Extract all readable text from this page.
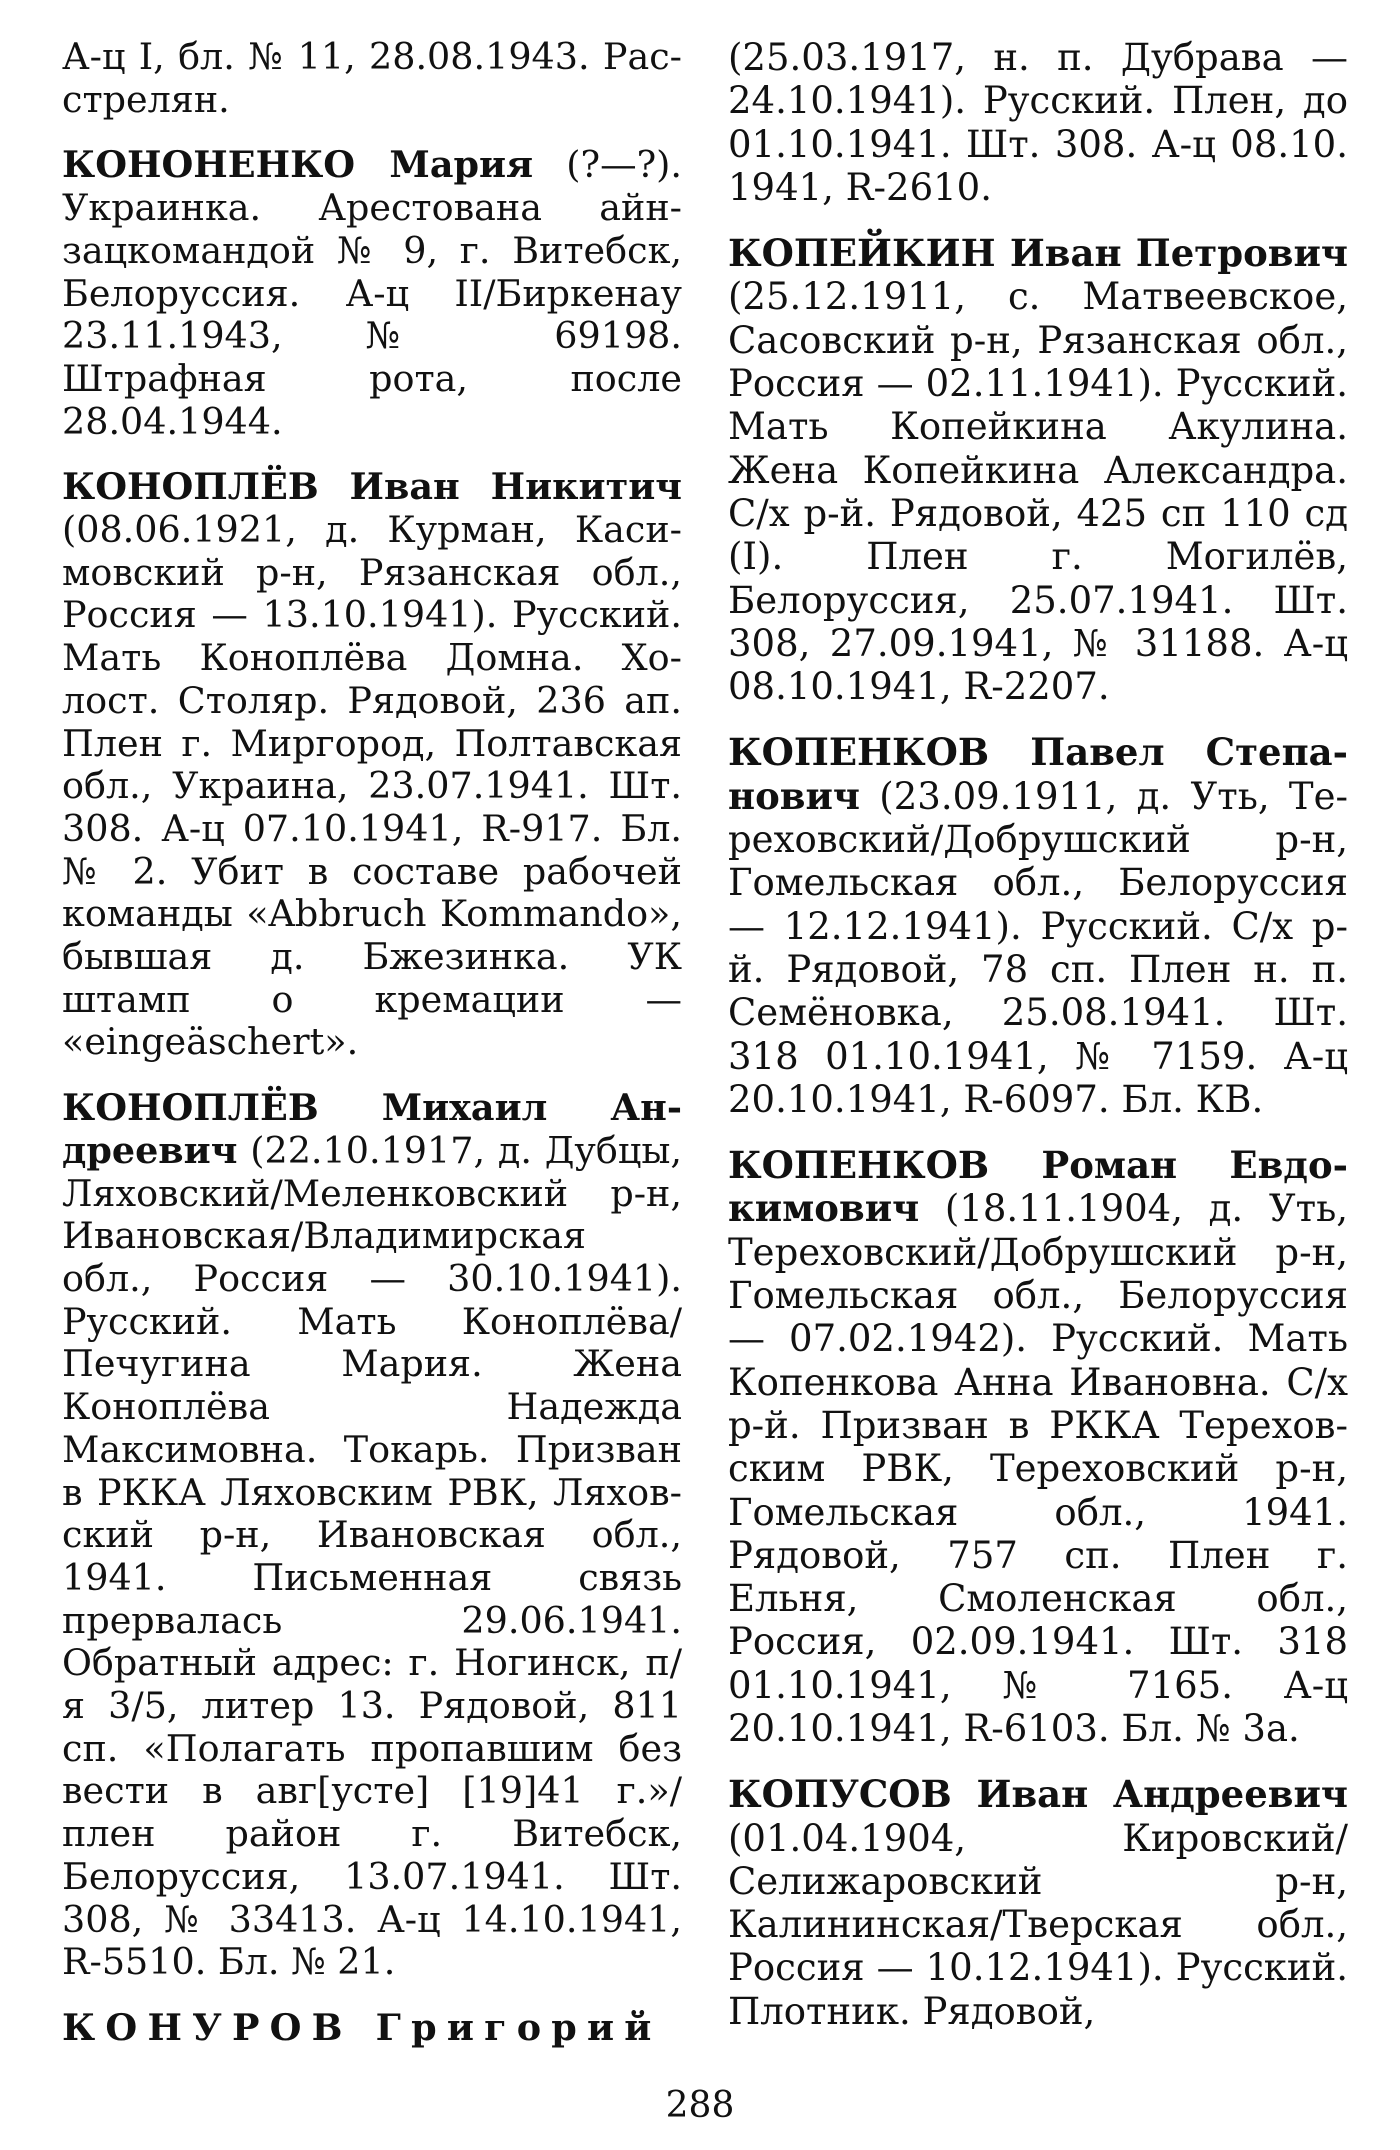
А-ц I, бл. № 11, 28.08.1943. Расстрелян.

КОНОНЕНКО Мария (?—?). Украинка. Арестована айнзацкомандой № 9, г. Витебск, Белоруссия. А-ц II/Биркенау 23.11.1943, № 69198. Штрафная рота, после 28.04.1944.

КОНОПЛЁВ Иван Никитич (08.06.1921, д. Курман, Касимовский р-н, Рязанская обл., Россия — 13.10.1941). Русский. Мать Коноплёва Домна. Холост. Столяр. Рядовой, 236 ап. Плен г. Миргород, Полтавская обл., Украина, 23.07.1941. Шт. 308. А-ц 07.10.1941, R-917. Бл. № 2. Убит в составе рабочей команды «Abbruch Kommando», бывшая д. Бжезинка. УК штамп о кремации — «eingeäschert».

КОНОПЛЁВ Михаил Андреевич (22.10.1917, д. Дубцы, Ляховский/Меленковский р-н, Ивановская/Владимирская обл., Россия — 30.10.1941). Русский. Мать Коноплёва/Печугина Мария. Жена Коноплёва Надежда Максимовна. Токарь. Призван в РККА Ляховским РВК, Ляховский р-н, Ивановская обл., 1941. Письменная связь прервалась 29.06.1941. Обратный адрес: г. Ногинск, п/я 3/5, литер 13. Рядовой, 811 сп. «Полагать пропавшим без вести в авг[усте] [19]41 г.»/плен район г. Витебск, Белоруссия, 13.07.1941. Шт. 308, № 33413. А-ц 14.10.1941, R-5510. Бл. № 21.

КОНУРОВ Григорий

(25.03.1917, н. п. Дубрава — 24.10.1941). Русский. Плен, до 01.10.1941. Шт. 308. А-ц 08.10. 1941, R-2610.

КОПЕЙКИН Иван Петрович (25.12.1911, с. Матвеевское, Сасовский р-н, Рязанская обл., Россия — 02.11.1941). Русский. Мать Копейкина Акулина. Жена Копейкина Александра. С/х р-й. Рядовой, 425 сп 110 сд (I). Плен г. Могилёв, Белоруссия, 25.07.1941. Шт. 308, 27.09.1941, № 31188. А-ц 08.10.1941, R-2207.

КОПЕНКОВ Павел Степанович (23.09.1911, д. Уть, Тереховский/Добрушский р-н, Гомельская обл., Белоруссия — 12.12.1941). Русский. С/х р-й. Рядовой, 78 сп. Плен н. п. Семёновка, 25.08.1941. Шт. 318 01.10.1941, № 7159. А-ц 20.10.1941, R-6097. Бл. КВ.

КОПЕНКОВ Роман Евдокимович (18.11.1904, д. Уть, Тереховский/Добрушский р-н, Гомельская обл., Белоруссия — 07.02.1942). Русский. Мать Копенкова Анна Ивановна. С/х р-й. Призван в РККА Тереховским РВК, Тереховский р-н, Гомельская обл., 1941. Рядовой, 757 сп. Плен г. Ельня, Смоленская обл., Россия, 02.09.1941. Шт. 318 01.10.1941, № 7165. А-ц 20.10.1941, R-6103. Бл. № 3а.

КОПУСОВ Иван Андреевич (01.04.1904, Кировский/Селижаровский р-н, Калининская/Тверская обл., Россия — 10.12.1941). Русский. Плотник. Рядовой,

288
